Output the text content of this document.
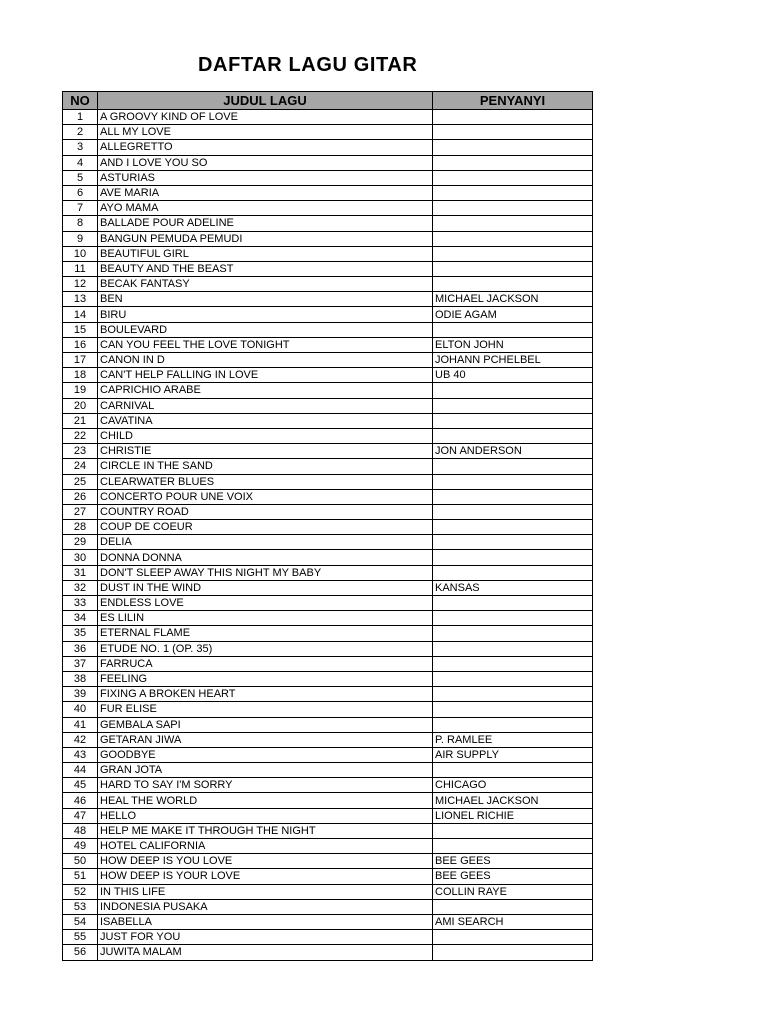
DAFTAR LAGU GITAR
NO	JUDUL LAGU	PENYANYI
1	A GROOVY KIND OF LOVE	
2	ALL MY LOVE	
3	ALLEGRETTO	
4	AND I LOVE YOU SO	
5	ASTURIAS	
6	AVE MARIA	
7	AYO MAMA	
8	BALLADE POUR ADELINE	
9	BANGUN PEMUDA PEMUDI	
10	BEAUTIFUL GIRL	
11	BEAUTY AND THE BEAST	
12	BECAK FANTASY	
13	BEN	MICHAEL JACKSON
14	BIRU	ODIE AGAM
15	BOULEVARD	
16	CAN YOU FEEL THE LOVE TONIGHT	ELTON JOHN
17	CANON IN D	JOHANN PCHELBEL
18	CAN'T HELP FALLING IN LOVE	UB 40
19	CAPRICHIO ARABE	
20	CARNIVAL	
21	CAVATINA	
22	CHILD	
23	CHRISTIE	JON ANDERSON
24	CIRCLE IN THE SAND	
25	CLEARWATER BLUES	
26	CONCERTO POUR UNE VOIX	
27	COUNTRY ROAD	
28	COUP DE COEUR	
29	DELIA	
30	DONNA DONNA	
31	DON'T SLEEP AWAY THIS NIGHT MY BABY	
32	DUST IN THE WIND	KANSAS
33	ENDLESS LOVE	
34	ES LILIN	
35	ETERNAL FLAME	
36	ETUDE NO. 1 (OP. 35)	
37	FARRUCA	
38	FEELING	
39	FIXING A BROKEN HEART	
40	FUR ELISE	
41	GEMBALA SAPI	
42	GETARAN JIWA	P. RAMLEE
43	GOODBYE	AIR SUPPLY
44	GRAN JOTA	
45	HARD TO SAY I'M SORRY	CHICAGO
46	HEAL THE WORLD	MICHAEL JACKSON
47	HELLO	LIONEL RICHIE
48	HELP ME MAKE IT THROUGH THE NIGHT	
49	HOTEL CALIFORNIA	
50	HOW DEEP IS YOU LOVE	BEE GEES
51	HOW DEEP IS YOUR LOVE	BEE GEES
52	IN THIS LIFE	COLLIN RAYE
53	INDONESIA PUSAKA	
54	ISABELLA	AMI SEARCH
55	JUST FOR YOU	
56	JUWITA MALAM	
